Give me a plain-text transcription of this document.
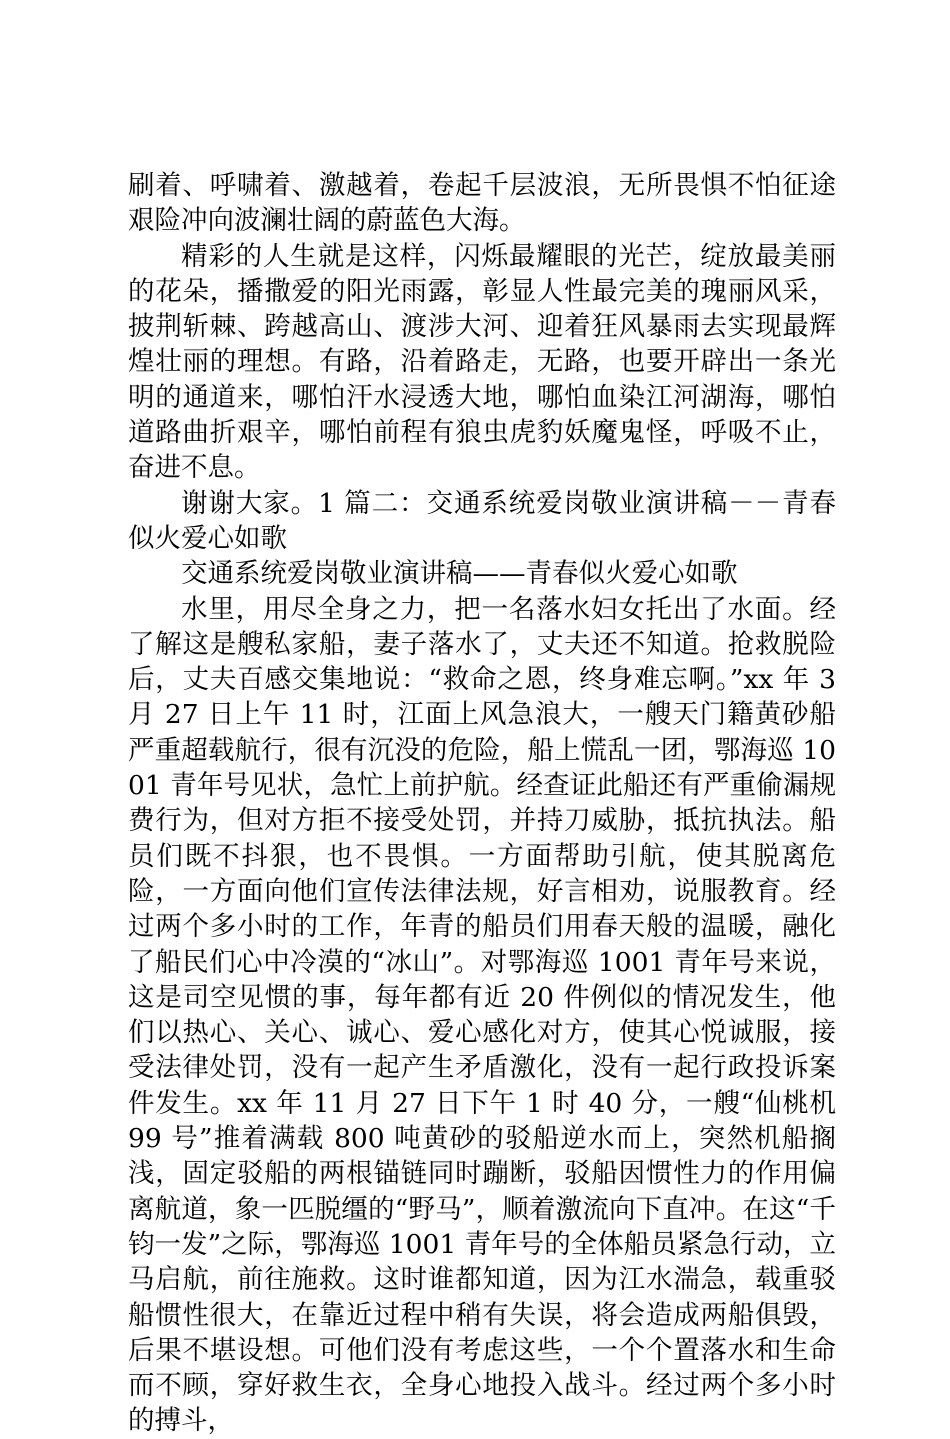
刷着、呼啸着、激越着，卷起千层波浪，无所畏惧不怕征途艰险冲向波澜壮阔的蔚蓝色大海。

精彩的人生就是这样，闪烁最耀眼的光芒，绽放最美丽的花朵，播撒爱的阳光雨露，彰显人性最完美的瑰丽风采，披荆斩棘、跨越高山、渡涉大河、迎着狂风暴雨去实现最辉煌壮丽的理想。有路，沿着路走，无路，也要开辟出一条光明的通道来，哪怕汗水浸透大地，哪怕血染江河湖海，哪怕道路曲折艰辛，哪怕前程有狼虫虎豹妖魔鬼怪，呼吸不止，奋进不息。

谢谢大家。1 篇二：交通系统爱岗敬业演讲稿－－青春似火爱心如歌

交通系统爱岗敬业演讲稿——青春似火爱心如歌

水里，用尽全身之力，把一名落水妇女托出了水面。经了解这是艘私家船，妻子落水了，丈夫还不知道。抢救脱险后，丈夫百感交集地说：“救命之恩，终身难忘啊。”xx 年 3 月 27 日上午 11 时，江面上风急浪大，一艘天门籍黄砂船严重超载航行，很有沉没的危险，船上慌乱一团，鄂海巡 1001 青年号见状，急忙上前护航。经查证此船还有严重偷漏规费行为，但对方拒不接受处罚，并持刀威胁，抵抗执法。船员们既不抖狠，也不畏惧。一方面帮助引航，使其脱离危险，一方面向他们宣传法律法规，好言相劝，说服教育。经过两个多小时的工作，年青的船员们用春天般的温暖，融化了船民们心中冷漠的“冰山”。对鄂海巡 1001 青年号来说，这是司空见惯的事，每年都有近 20 件例似的情况发生，他们以热心、关心、诚心、爱心感化对方，使其心悦诚服，接受法律处罚，没有一起产生矛盾激化，没有一起行政投诉案件发生。xx 年 11 月 27 日下午 1 时 40 分，一艘“仙桃机 99 号”推着满载 800 吨黄砂的驳船逆水而上，突然机船搁浅，固定驳船的两根锚链同时蹦断，驳船因惯性力的作用偏离航道，象一匹脱缰的“野马”，顺着激流向下直冲。在这“千钧一发”之际，鄂海巡 1001 青年号的全体船员紧急行动，立马启航，前往施救。这时谁都知道，因为江水湍急，载重驳船惯性很大，在靠近过程中稍有失误，将会造成两船俱毁，后果不堪设想。可他们没有考虑这些，一个个置落水和生命而不顾，穿好救生衣，全身心地投入战斗。经过两个多小时的搏斗，
